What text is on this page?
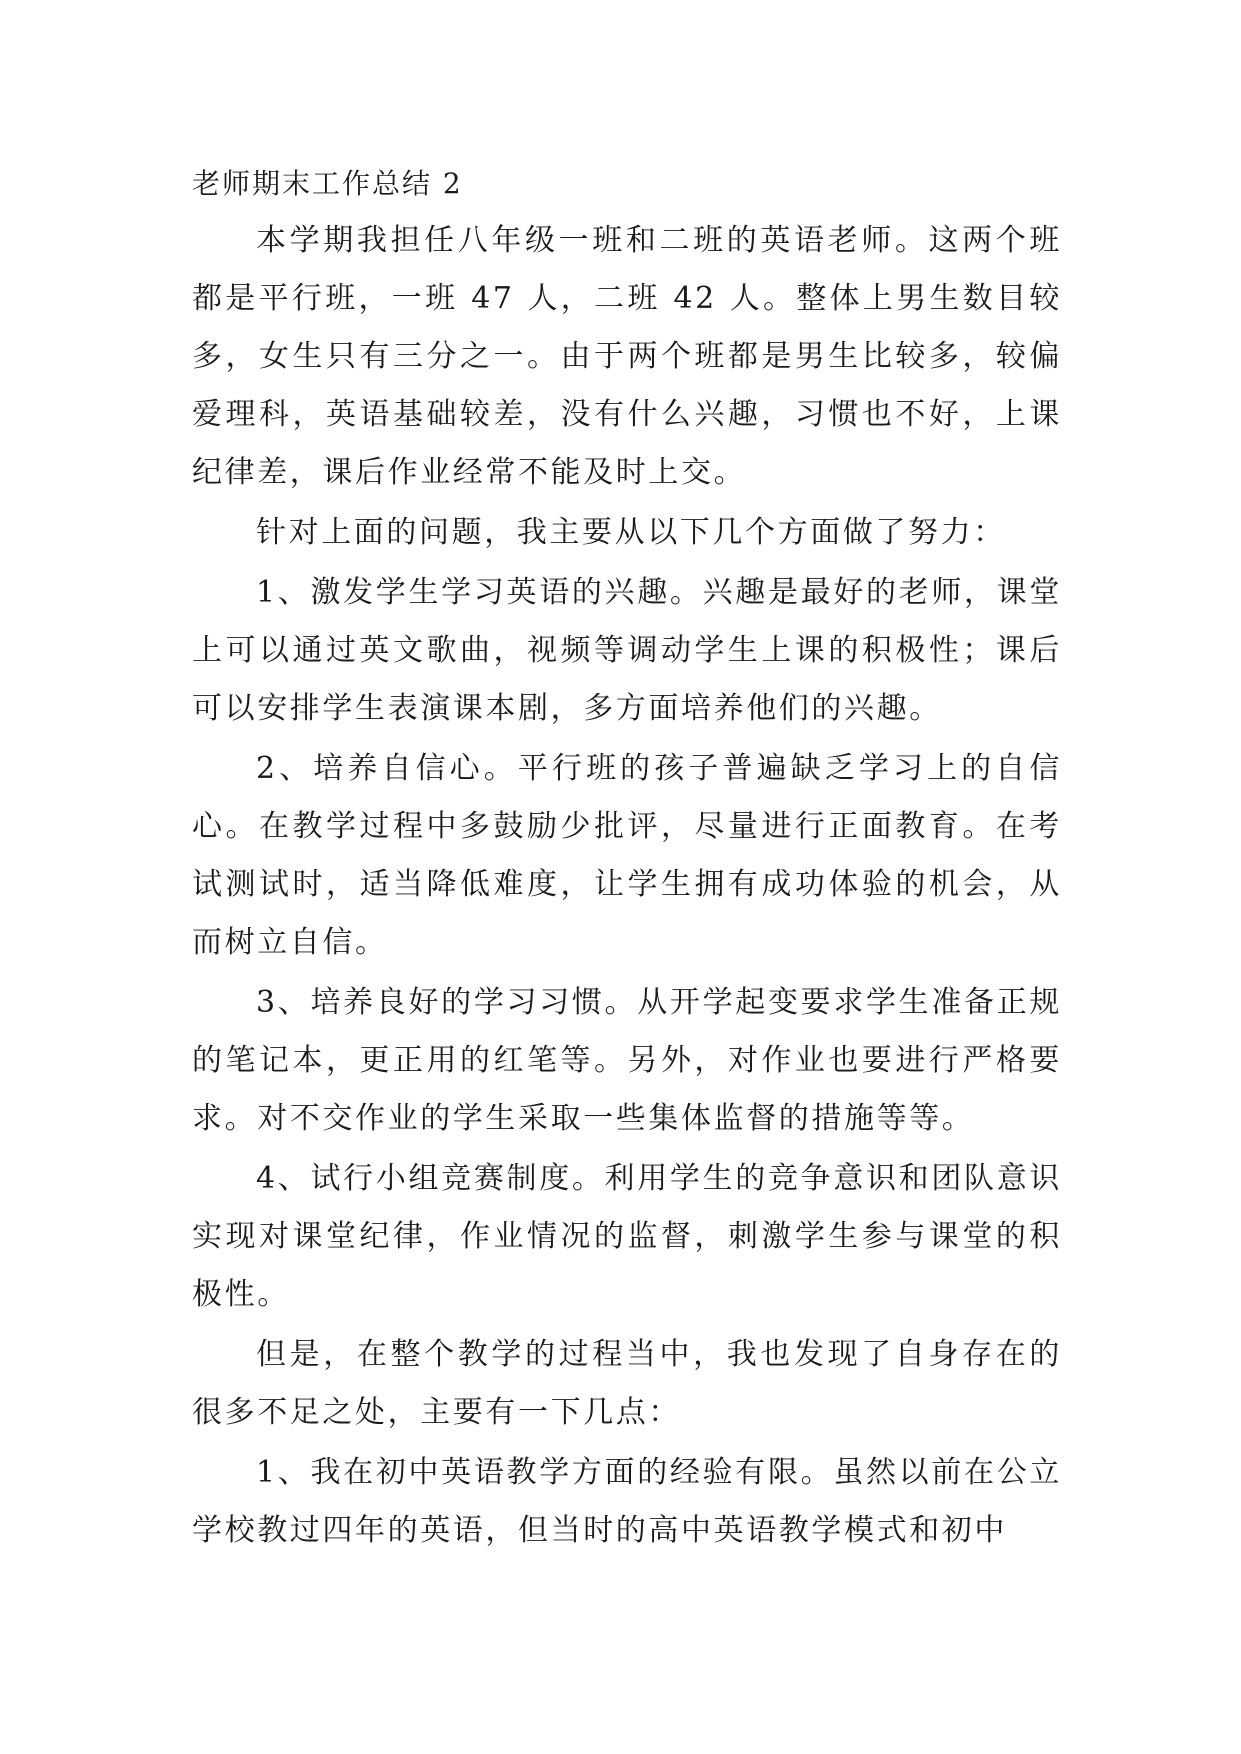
老师期末工作总结 2

本学期我担任八年级一班和二班的英语老师。这两个班都是平行班，一班 47 人，二班 42 人。整体上男生数目较多，女生只有三分之一。由于两个班都是男生比较多，较偏爱理科，英语基础较差，没有什么兴趣，习惯也不好，上课纪律差，课后作业经常不能及时上交。

针对上面的问题，我主要从以下几个方面做了努力：

1、激发学生学习英语的兴趣。兴趣是最好的老师，课堂上可以通过英文歌曲，视频等调动学生上课的积极性；课后可以安排学生表演课本剧，多方面培养他们的兴趣。

2、培养自信心。平行班的孩子普遍缺乏学习上的自信心。在教学过程中多鼓励少批评，尽量进行正面教育。在考试测试时，适当降低难度，让学生拥有成功体验的机会，从而树立自信。

3、培养良好的学习习惯。从开学起变要求学生准备正规的笔记本，更正用的红笔等。另外，对作业也要进行严格要求。对不交作业的学生采取一些集体监督的措施等等。

4、试行小组竞赛制度。利用学生的竞争意识和团队意识实现对课堂纪律，作业情况的监督，刺激学生参与课堂的积极性。

但是，在整个教学的过程当中，我也发现了自身存在的很多不足之处，主要有一下几点：

1、我在初中英语教学方面的经验有限。虽然以前在公立学校教过四年的英语，但当时的高中英语教学模式和初中
